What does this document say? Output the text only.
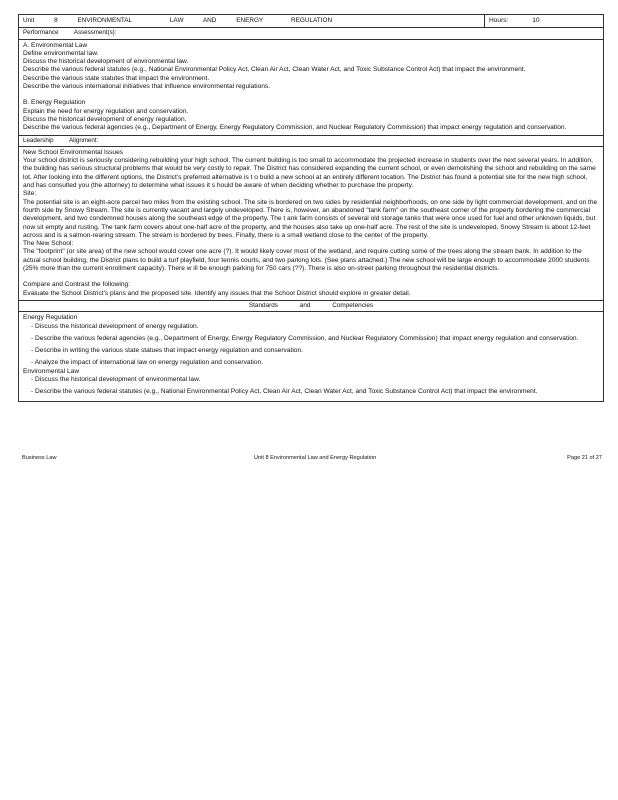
Unit	8	ENVIRONMENTAL	LAW	AND	ENERGY	REGULATION	Hours:	10
Performance Assessment(s):
A. Environmental Law
Define environmental law.
Discuss the historical development of environmental law.
Describe the various federal statutes (e.g., National Environmental Policy Act, Clean Air Act, Clean Water Act, and Toxic Substance Control Act) that impact the environment.
Describe the various state statutes that impact the environment.
Describe the various international initiatives that influence environmental regulations.
B. Energy Regulation
Explain the need for energy regulation and conservation.
Discuss the historical development of energy regulation.
Describe the various federal agencies (e.g., Department of Energy, Energy Regulatory Commission, and Nuclear Regulatory Commission) that impact energy regulation and conservation.
Leadership Alignment:
New School Environmental Issues
Your school district is seriously considering rebuilding your high school. The current building is too small to accommodate the projected increase in students over the next several years. In addition, the building has serious structural problems that would be very costly to repair. The District has considered expanding the current school, or even demolishing the school and rebuilding on the same lot. After looking into the different options, the District's preferred alternative is t o build a new school at an entirely different location. The District has found a potential site for the new high school, and has consulted you (the attorney) to determine what issues it s hould be aware of when deciding whether to purchase the property.
Site:
The potential site is an eight-acre parcel two miles from the existing school. The site is bordered on two sides by residential neighborhoods, on one side by light commercial development, and on the fourth side by Snowy Stream. The site is currently vacant and largely undeveloped. There is, however, an abandoned "tank farm" on the southeast corner of the property bordering the commercial development, and two condemned houses along the southeast edge of the property. The t ank farm consists of several old storage tanks that were once used for fuel and other unknown liquids, but now sit empty and rusting. The tank farm covers about one-half acre of the property, and the houses also take up one-half acre. The rest of the site is undeveloped. Snowy Stream is about 12-feet across and is a salmon-rearing stream. The stream is bordered by trees. Finally, there is a small wetland close to the center of the property.
The New School:
The "footprint" (or site area) of the new school would cover one acre (?). It would likely cover most of the wetland, and require cutting some of the trees along the stream bank. In addition to the actual school building, the District plans to build a turf playfield, four tennis courts, and two parking lots. (See plans attached.) The new school will be large enough to accommodate 2000 students (25% more than the current enrollment capacity). There w ill be enough parking for 750 cars (??). There is also on-street parking throughout the residential districts.
Compare and Contrast the following:
Evaluate the School District's plans and the proposed site. Identify any issues that the School District should explore in greater detail.
Standards	and	Competencies
Energy Regulation
- Discuss the historical development of energy regulation.
- Describe the various federal agencies (e.g., Department of Energy, Energy Regulatory Commission, and Nuclear Regulatory Commission) that impact energy regulation and conservation.
- Describe in writing the various state statues that impact energy regulation and conservation.
- Analyze the impact of international law on energy regulation and conservation.
Environmental Law
- Discuss the historical development of environmental law.
- Describe the various federal statutes (e.g., National Environmental Policy Act, Clean Air Act, Clean Water Act, and Toxic Substance Control Act) that impact the environment.
Business Law	Unit 8 Environmental Law and Energy Regulation	Page 21 of 27
